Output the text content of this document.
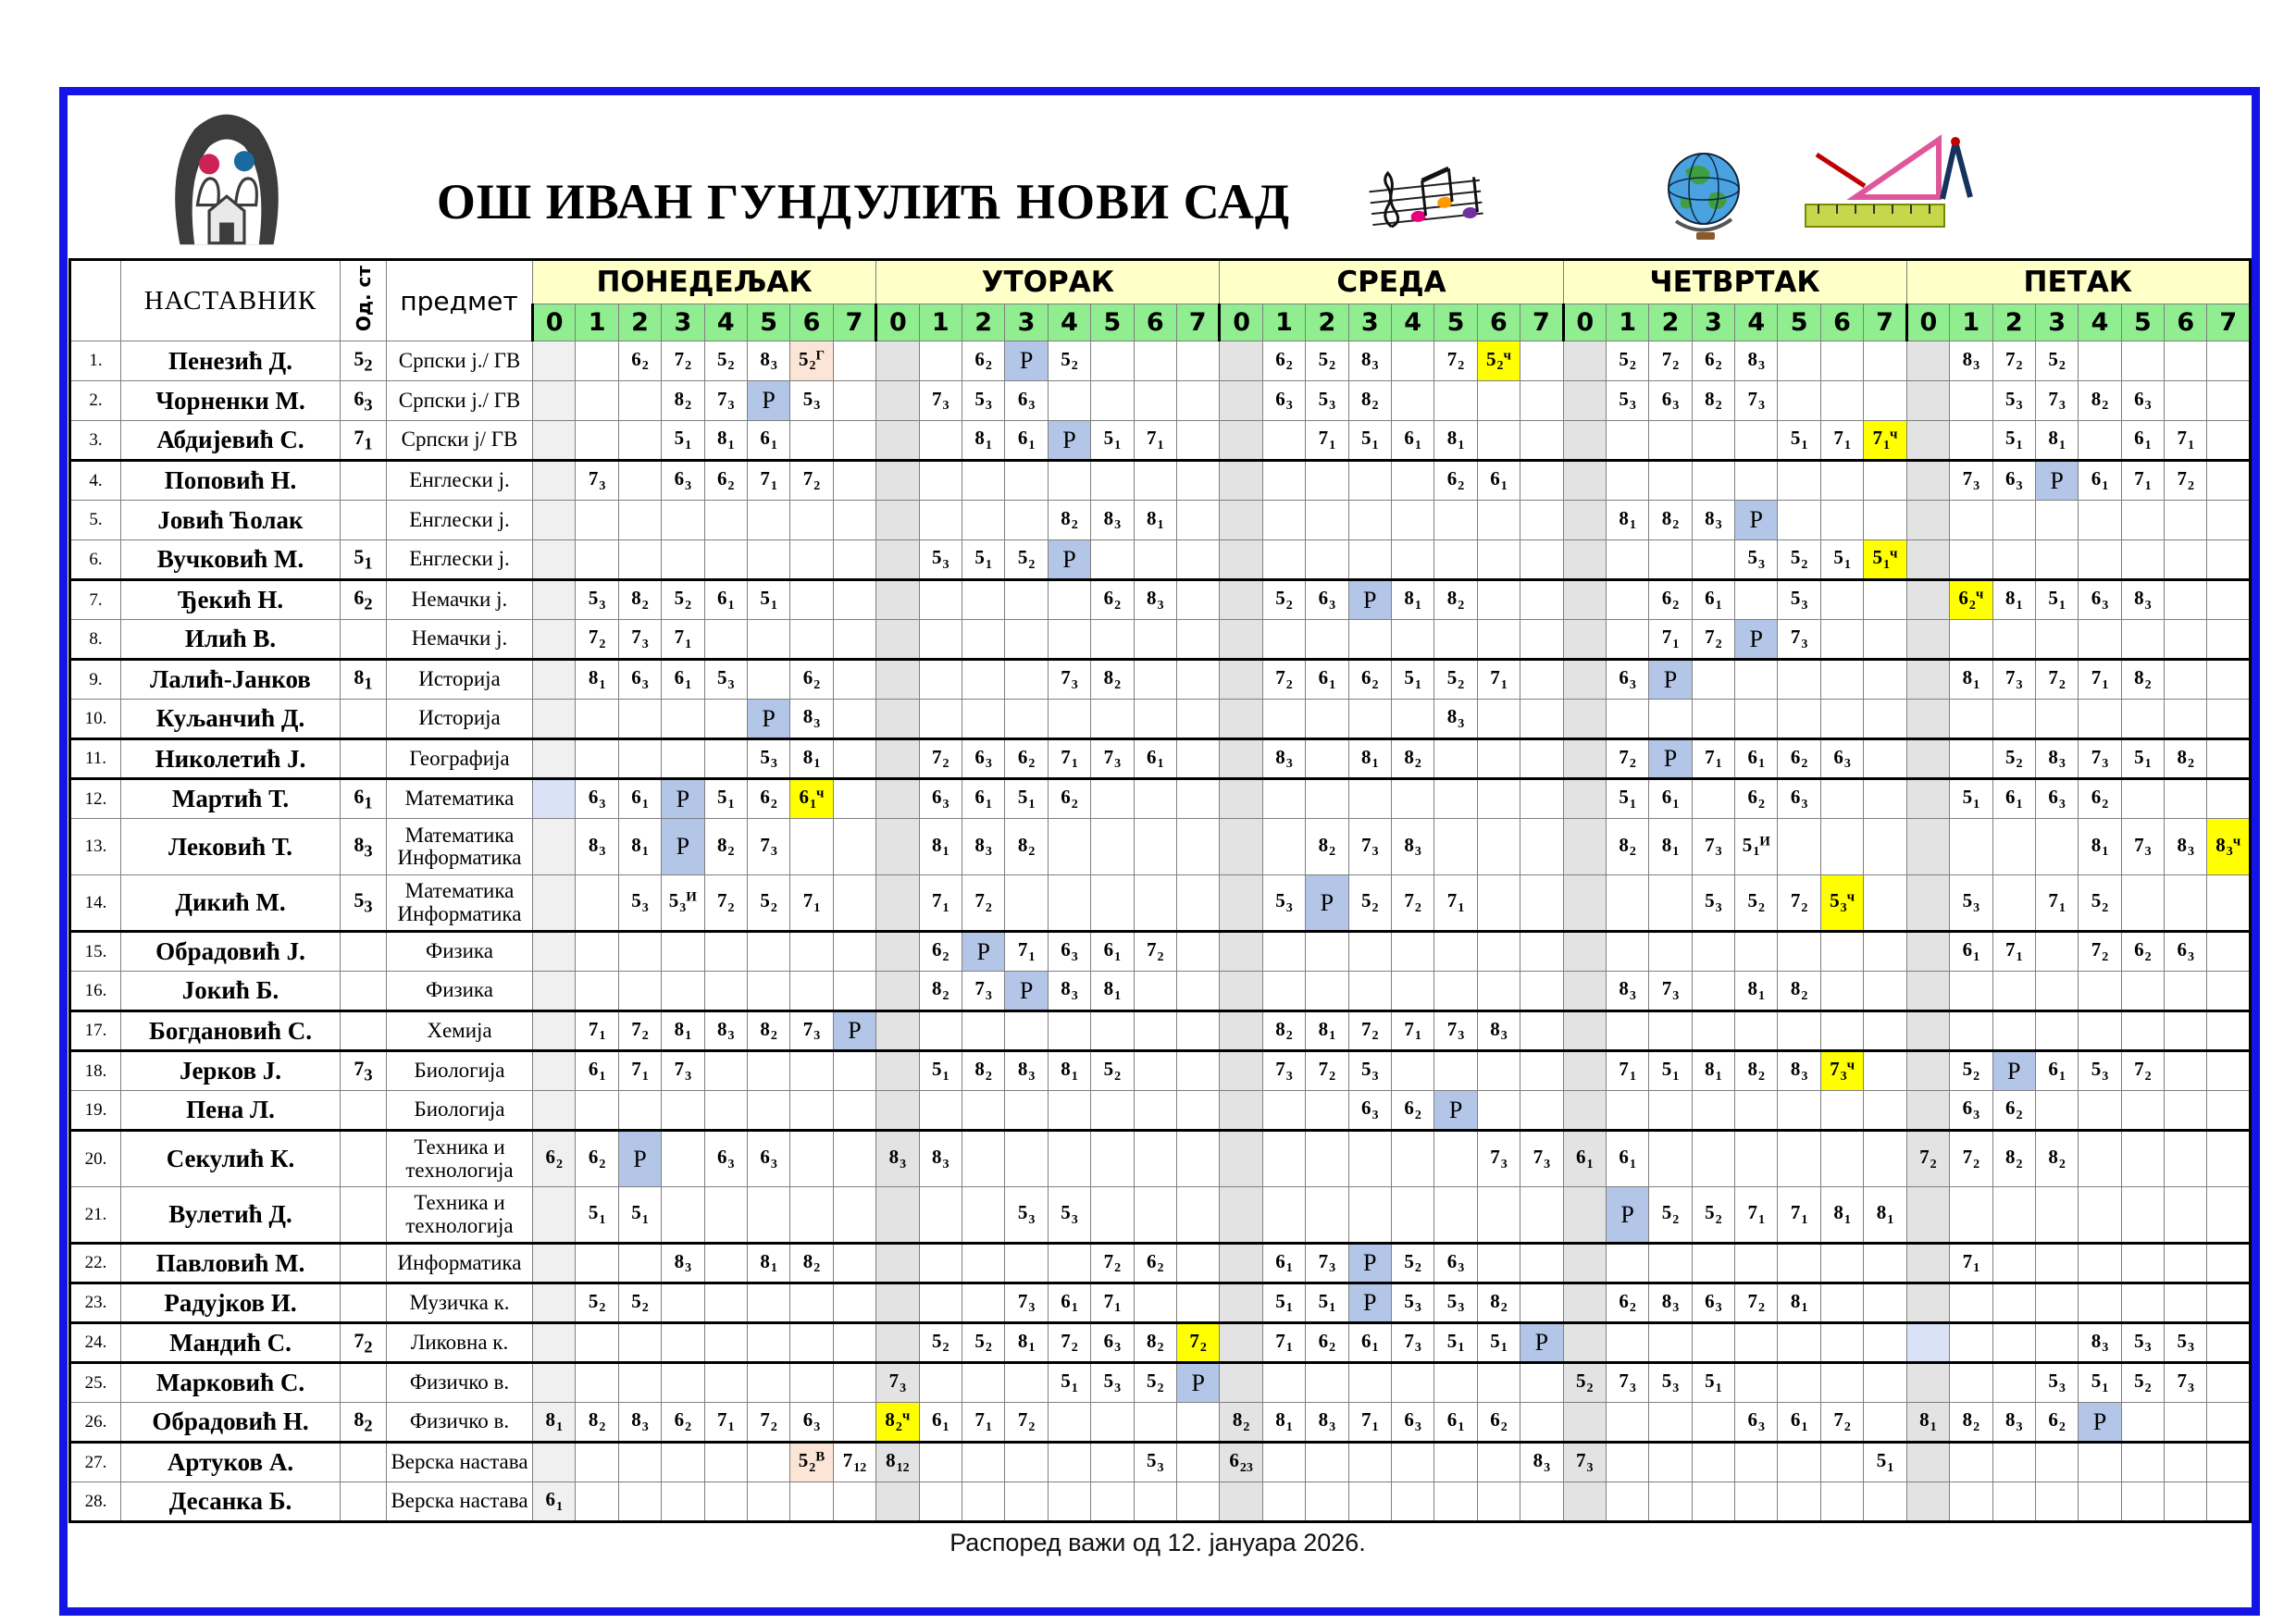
ОШ ИВАН ГУНДУЛИЋ НОВИ САД
	НАСТАВНИК	Од. ст	предмет	ПОНЕДЕЉАК								УТОРАК								СРЕДА								ЧЕТВРТАК								ПЕТАК							
				0	1	2	3	4	5	6	7	0	1	2	3	4	5	6	7	0	1	2	3	4	5	6	7	0	1	2	3	4	5	6	7	0	1	2	3	4	5	6	7
1.	Пенезић Д.	$5_2$	Српски ј./ ГВ			$6_2$	$7_2$	$5_2$	$8_3$	$5_2^Г$				$6_2$	Р	$5_2$					$6_2$	$5_2$	$8_3$		$7_2$	$5_2^ч$			$5_2$	$7_2$	$6_2$	$8_3$					$8_3$	$7_2$	$5_2$				
2.	Чорненки М.	$6_3$	Српски ј./ ГВ				$8_2$	$7_3$	Р	$5_3$			$7_3$	$5_3$	$6_3$						$6_3$	$5_3$	$8_2$						$5_3$	$6_3$	$8_2$	$7_3$						$5_3$	$7_3$	$8_2$	$6_3$		
3.	Абдијевић С.	$7_1$	Српски ј/ ГВ				$5_1$	$8_1$	$6_1$					$8_1$	$6_1$	Р	$5_1$	$7_1$				$7_1$	$5_1$	$6_1$	$8_1$								$5_1$	$7_1$	$7_1^ч$			$5_1$	$8_1$		$6_1$	$7_1$	
4.	Поповић Н.		Енглески ј.		$7_3$		$6_3$	$6_2$	$7_1$	$7_2$															$6_2$	$6_1$											$7_3$	$6_3$	Р	$6_1$	$7_1$	$7_2$	
5.	Јовић Ћолак		Енглески ј.													$8_2$	$8_3$	$8_1$											$8_1$	$8_2$	$8_3$	Р											
6.	Вучковић М.	$5_1$	Енглески ј.										$5_3$	$5_1$	$5_2$	Р																$5_3$	$5_2$	$5_1$	$5_1^ч$								
7.	Ђекић Н.	$6_2$	Немачки ј.		$5_3$	$8_2$	$5_2$	$6_1$	$5_1$								$6_2$	$8_3$			$5_2$	$6_3$	Р	$8_1$	$8_2$					$6_2$	$6_1$		$5_3$				$6_2^ч$	$8_1$	$5_1$	$6_3$	$8_3$		
8.	Илић В.		Немачки ј.		$7_2$	$7_3$	$7_1$																							$7_1$	$7_2$	Р	$7_3$										
9.	Лалић-Јанков	$8_1$	Историја		$8_1$	$6_3$	$6_1$	$5_3$		$6_2$						$7_3$	$8_2$				$7_2$	$6_1$	$6_2$	$5_1$	$5_2$	$7_1$			$6_3$	Р							$8_1$	$7_3$	$7_2$	$7_1$	$8_2$		
10.	Куљанчић Д.		Историја						Р	$8_3$															$8_3$																		
11.	Николетић Ј.		Географија						$5_3$	$8_1$			$7_2$	$6_3$	$6_2$	$7_1$	$7_3$	$6_1$			$8_3$		$8_1$	$8_2$					$7_2$	Р	$7_1$	$6_1$	$6_2$	$6_3$				$5_2$	$8_3$	$7_3$	$5_1$	$8_2$	
12.	Мартић Т.	$6_1$	Математика		$6_3$	$6_1$	Р	$5_1$	$6_2$	$6_1^ч$			$6_3$	$6_1$	$5_1$	$6_2$													$5_1$	$6_1$		$6_2$	$6_3$				$5_1$	$6_1$	$6_3$	$6_2$			
13.	Лековић Т.	$8_3$	Математика
Информатика		$8_3$	$8_1$	Р	$8_2$	$7_3$				$8_1$	$8_3$	$8_2$							$8_2$	$7_3$	$8_3$					$8_2$	$8_1$	$7_3$	$5_1^И$								$8_1$	$7_3$	$8_3$	$8_3^ч$
14.	Дикић М.	$5_3$	Математика
Информатика			$5_3$	$5_3^И$	$7_2$	$5_2$	$7_1$			$7_1$	$7_2$							$5_3$	Р	$5_2$	$7_2$	$7_1$						$5_3$	$5_2$	$7_2$	$5_3^ч$			$5_3$		$7_1$	$5_2$			
15.	Обрадовић Ј.		Физика										$6_2$	Р	$7_1$	$6_3$	$6_1$	$7_2$																			$6_1$	$7_1$		$7_2$	$6_2$	$6_3$	
16.	Јокић Б.		Физика										$8_2$	$7_3$	Р	$8_3$	$8_1$												$8_3$	$7_3$		$8_1$	$8_2$										
17.	Богдановић С.		Хемија		$7_1$	$7_2$	$8_1$	$8_3$	$8_2$	$7_3$	Р										$8_2$	$8_1$	$7_2$	$7_1$	$7_3$	$8_3$																	
18.	Јерков Ј.	$7_3$	Биологија		$6_1$	$7_1$	$7_3$						$5_1$	$8_2$	$8_3$	$8_1$	$5_2$				$7_3$	$7_2$	$5_3$						$7_1$	$5_1$	$8_1$	$8_2$	$8_3$	$7_3^ч$			$5_2$	Р	$6_1$	$5_3$	$7_2$		
19.	Пена Л.		Биологија																				$6_3$	$6_2$	Р												$6_3$	$6_2$					
20.	Секулић К.		Техника и
технологија	$6_2$	$6_2$	Р		$6_3$	$6_3$			$8_3$	$8_3$													$7_3$	$7_3$	$6_1$	$6_1$							$7_2$	$7_2$	$8_2$	$8_2$				
21.	Вулетић Д.		Техника и
технологија		$5_1$	$5_1$									$5_3$	$5_3$													Р	$5_2$	$5_2$	$7_1$	$7_1$	$8_1$	$8_1$								
22.	Павловић М.		Информатика				$8_3$		$8_1$	$8_2$							$7_2$	$6_2$			$6_1$	$7_3$	Р	$5_2$	$6_3$												$7_1$						
23.	Радујков И.		Музичка к.		$5_2$	$5_2$									$7_3$	$6_1$	$7_1$				$5_1$	$5_1$	Р	$5_3$	$5_3$	$8_2$			$6_2$	$8_3$	$6_3$	$7_2$	$8_1$										
24.	Мандић С.	$7_2$	Ликовна к.										$5_2$	$5_2$	$8_1$	$7_2$	$6_3$	$8_2$	$7_2$		$7_1$	$6_2$	$6_1$	$7_3$	$5_1$	$5_1$	Р													$8_3$	$5_3$	$5_3$	
25.	Марковић С.		Физичко в.									$7_3$				$5_1$	$5_3$	$5_2$	Р									$5_2$	$7_3$	$5_3$	$5_1$								$5_3$	$5_1$	$5_2$	$7_3$	
26.	Обрадовић Н.	$8_2$	Физичко в.	$8_1$	$8_2$	$8_3$	$6_2$	$7_1$	$7_2$	$6_3$		$8_2^ч$	$6_1$	$7_1$	$7_2$					$8_2$	$8_1$	$8_3$	$7_1$	$6_3$	$6_1$	$6_2$						$6_3$	$6_1$	$7_2$		$8_1$	$8_2$	$8_3$	$6_2$	Р			
27.	Артуков А.		Верска настава							$5_2^В$	$7_{12}$	$8_{12}$						$5_3$		$6_{23}$							$8_3$	$7_3$							$5_1$								
28.	Десанка Б.		Верска настава	$6_1$																																							
Распоред важи од 12. јануара 2026.
